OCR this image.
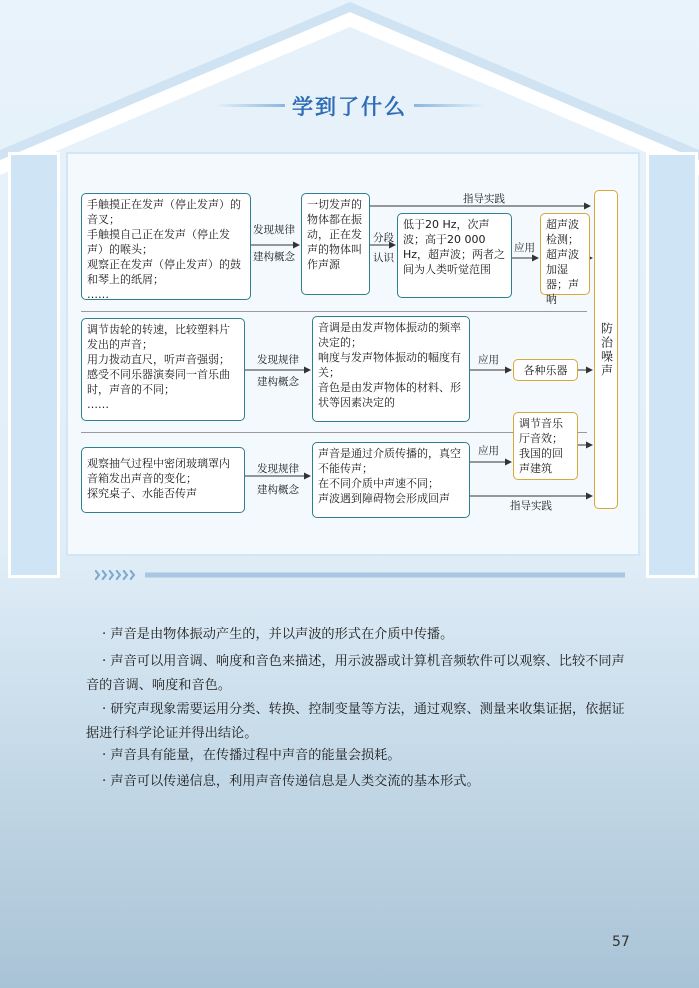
学到了什么
手触摸正在发声（停止发声）的音叉；
手触摸自己正在发声（停止发声）的喉头；
观察正在发声（停止发声）的鼓和琴上的纸屑；
……
发现规律
建构概念
一切发声的物体都在振动，正在发声的物体叫作声源
分段
认识
低于20 Hz，次声波；高于20 000 Hz，超声波；两者之间为人类听觉范围
应用
超声波检测；超声波加湿器；声呐
指导实践
调节齿轮的转速，比较塑料片发出的声音；
用力拨动直尺，听声音强弱；
感受不同乐器演奏同一首乐曲时，声音的不同；
……
发现规律
建构概念
音调是由发声物体振动的频率决定的；
响度与发声物体振动的幅度有关；
音色是由发声物体的材料、形状等因素决定的
应用
各种乐器
观察抽气过程中密闭玻璃罩内音箱发出声音的变化；
探究桌子、水能否传声
发现规律
建构概念
声音是通过介质传播的，真空不能传声；
在不同介质中声速不同；
声波遇到障碍物会形成回声
应用
调节音乐厅音效；我国的回声建筑
指导实践
防治噪声
· 声音是由物体振动产生的，并以声波的形式在介质中传播。
· 声音可以用音调、响度和音色来描述，用示波器或计算机音频软件可以观察、比较不同声音的音调、响度和音色。
· 研究声现象需要运用分类、转换、控制变量等方法，通过观察、测量来收集证据，依据证据进行科学论证并得出结论。
· 声音具有能量，在传播过程中声音的能量会损耗。
· 声音可以传递信息，利用声音传递信息是人类交流的基本形式。
57
